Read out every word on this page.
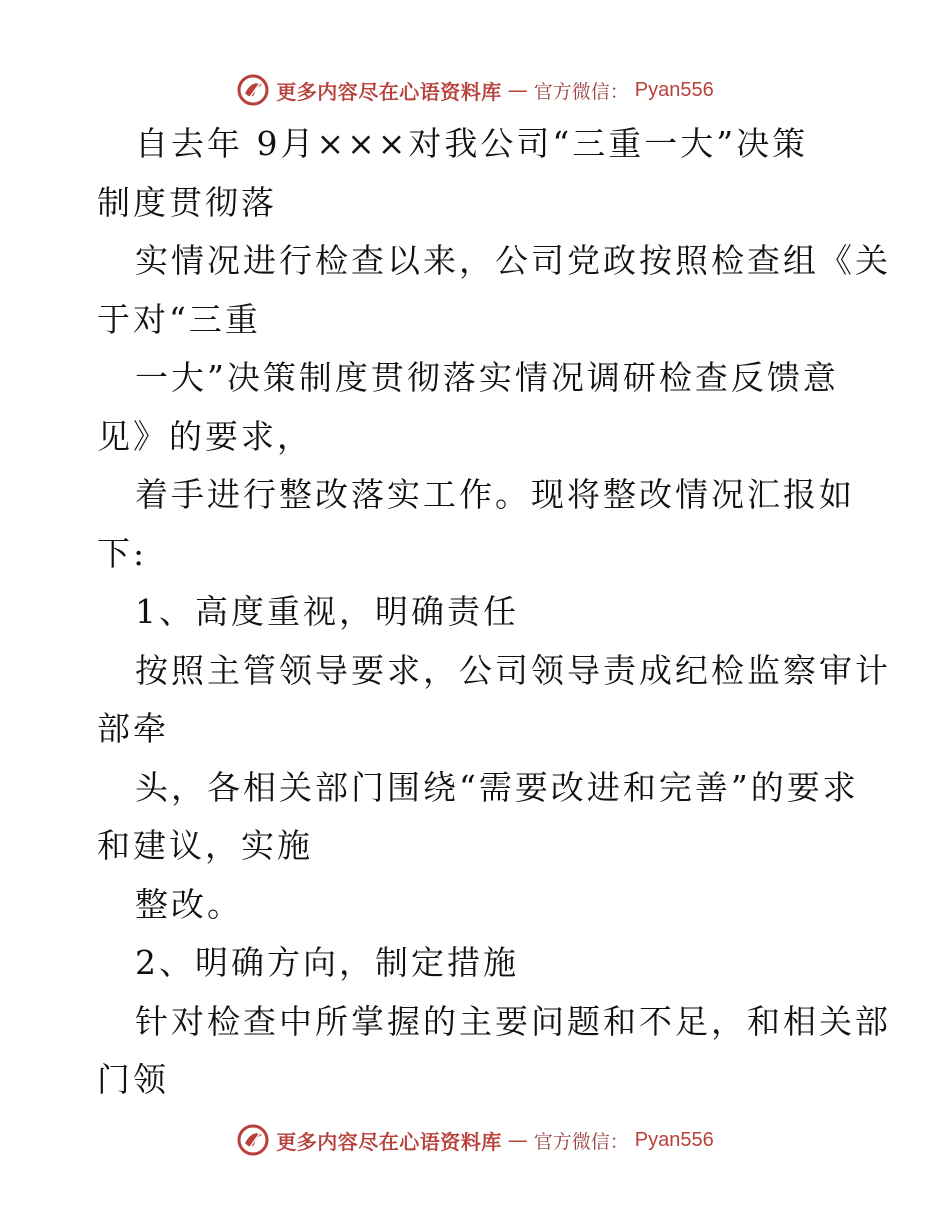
更多内容尽在心语资料库 — 官方微信： Pyan556
自去年 9月×××对我公司“三重一大”决策
制度贯彻落
实情况进行检查以来，公司党政按照检查组《关
于对“三重
一大”决策制度贯彻落实情况调研检查反馈意
见》的要求，
着手进行整改落实工作。现将整改情况汇报如
下:
1、高度重视，明确责任
按照主管领导要求，公司领导责成纪检监察审计
部牵
头，各相关部门围绕“需要改进和完善”的要求
和建议，实施
整改。
2、明确方向，制定措施
针对检查中所掌握的主要问题和不足，和相关部
门领
更多内容尽在心语资料库 — 官方微信： Pyan556
